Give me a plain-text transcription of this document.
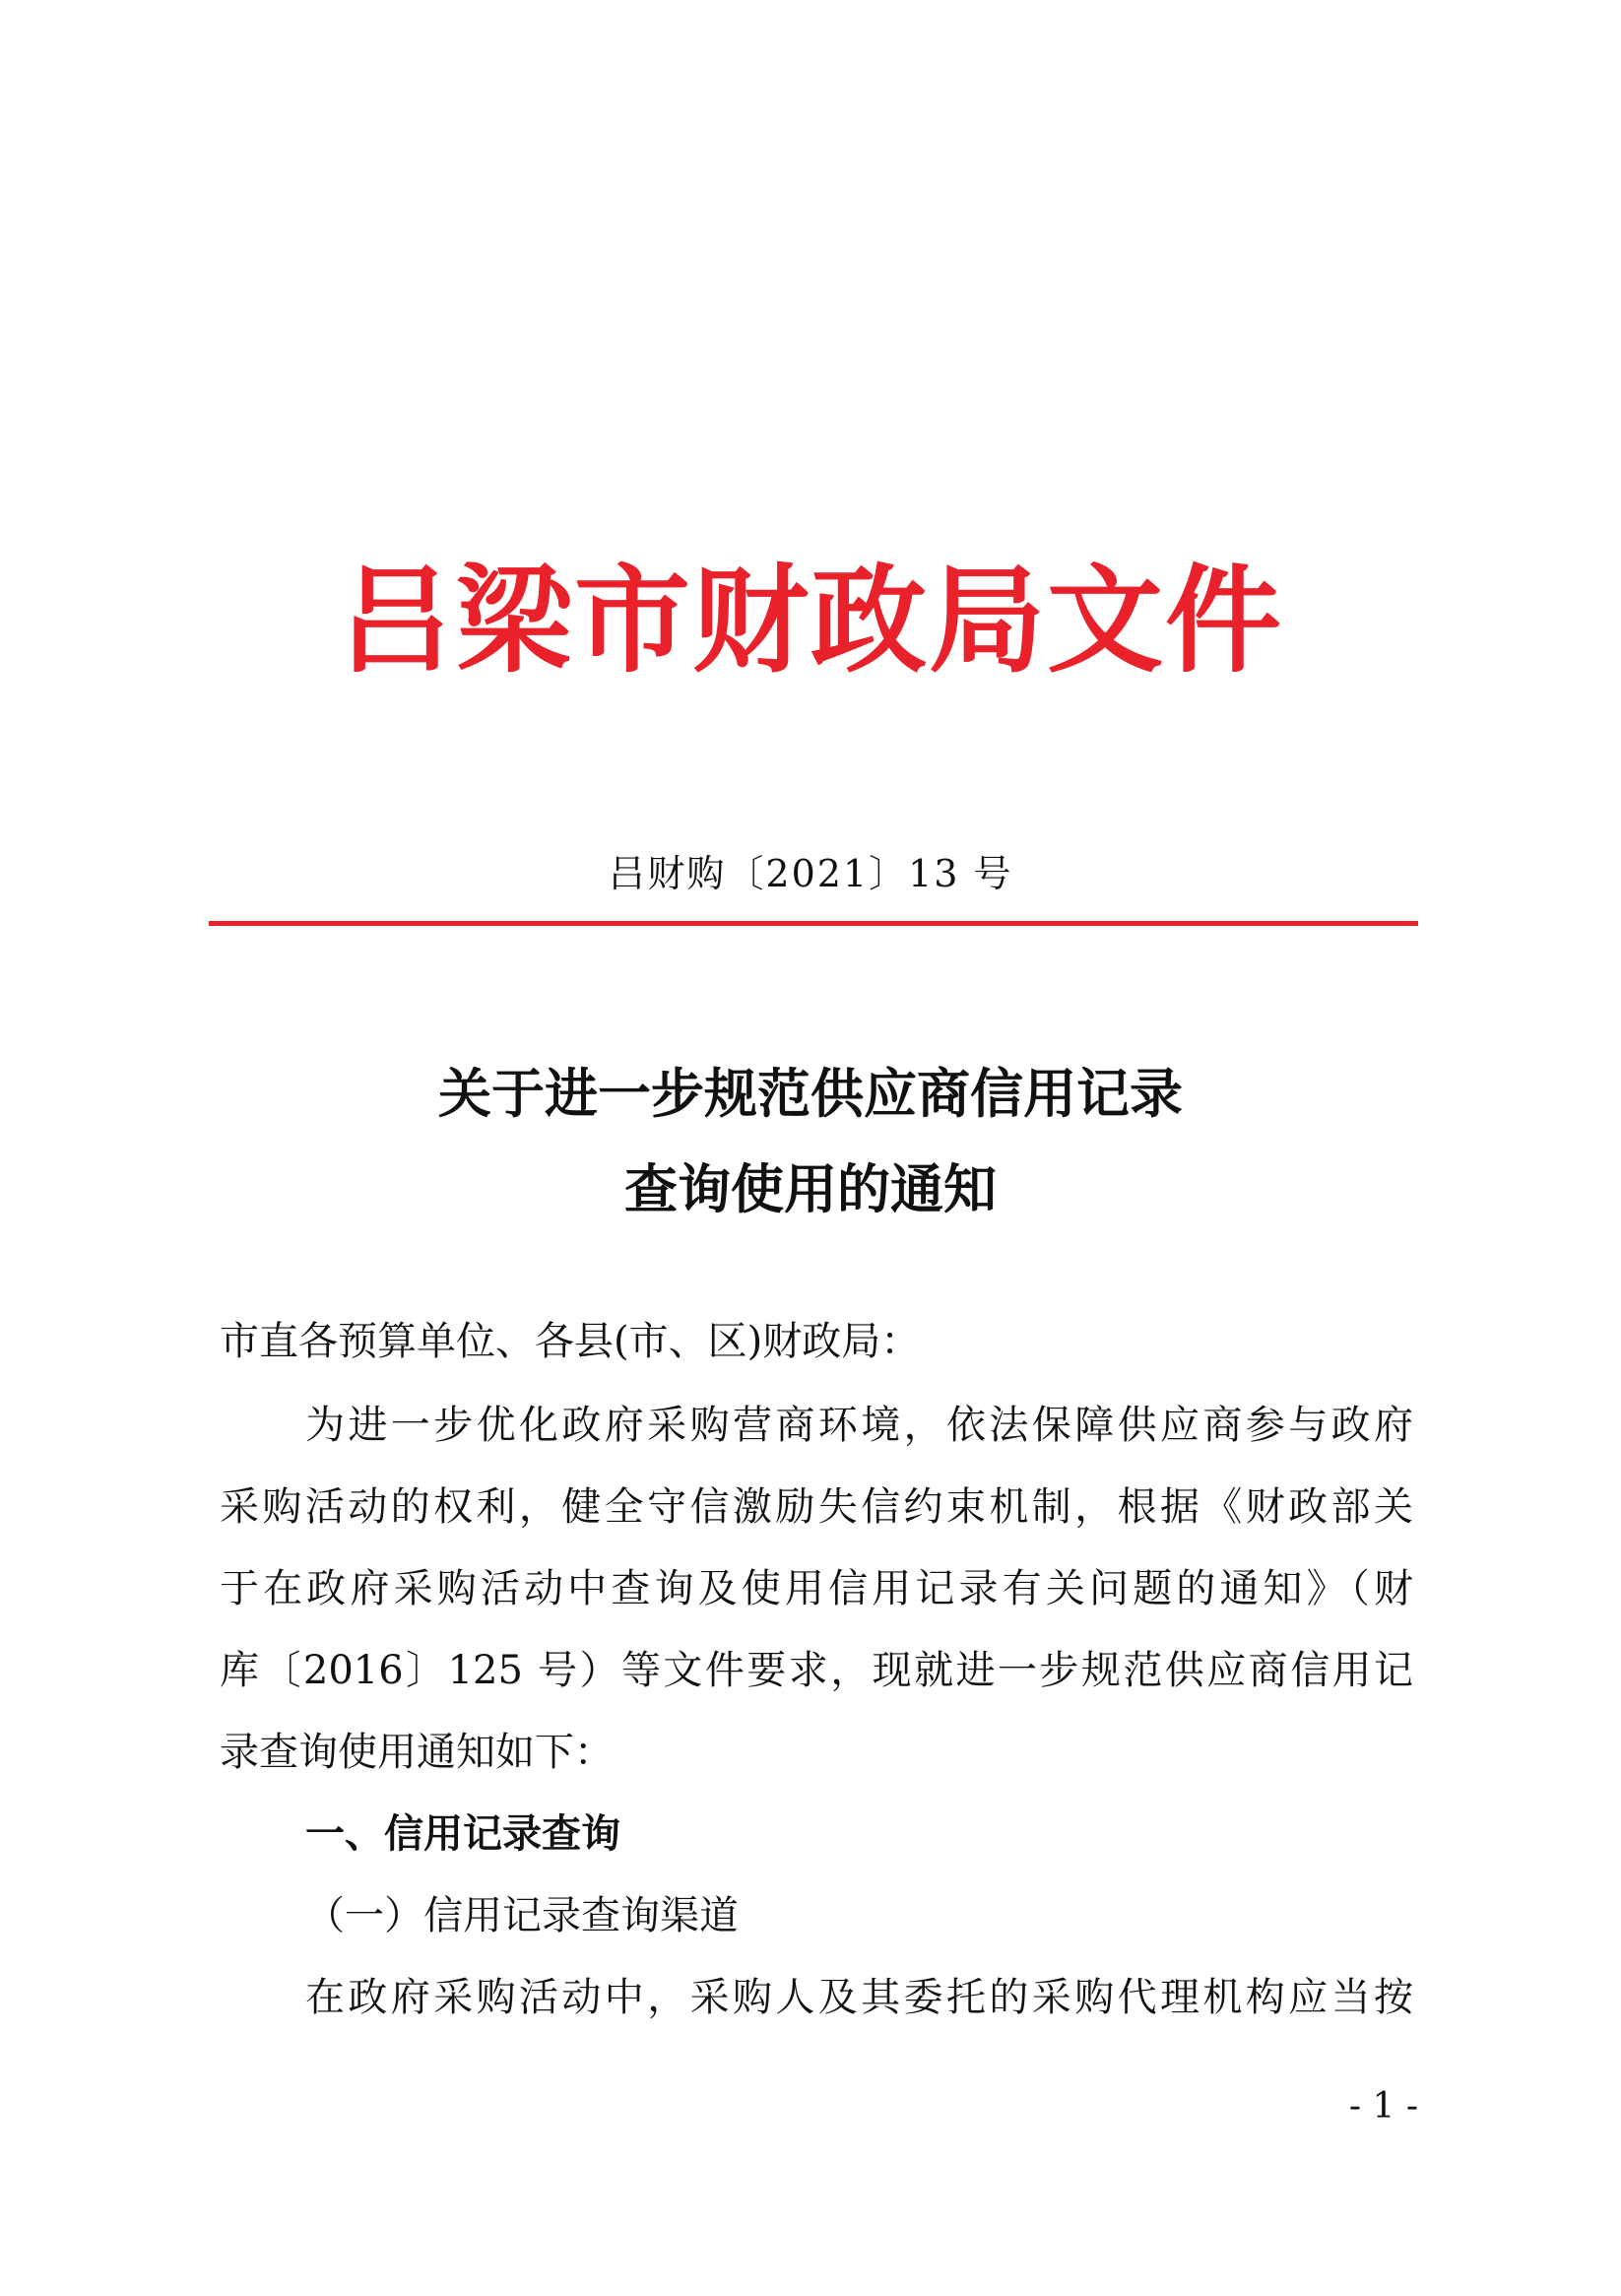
吕梁市财政局文件
吕财购〔2021〕13 号
关于进一步规范供应商信用记录
查询使用的通知
市直各预算单位、各县(市、区)财政局：
为进一步优化政府采购营商环境，依法保障供应商参与政府
采购活动的权利，健全守信激励失信约束机制，根据《财政部关
于在政府采购活动中查询及使用信用记录有关问题的通知》（财
库〔2016〕125 号）等文件要求，现就进一步规范供应商信用记
录查询使用通知如下：
一、信用记录查询
（一）信用记录查询渠道
在政府采购活动中，采购人及其委托的采购代理机构应当按
- 1 -
